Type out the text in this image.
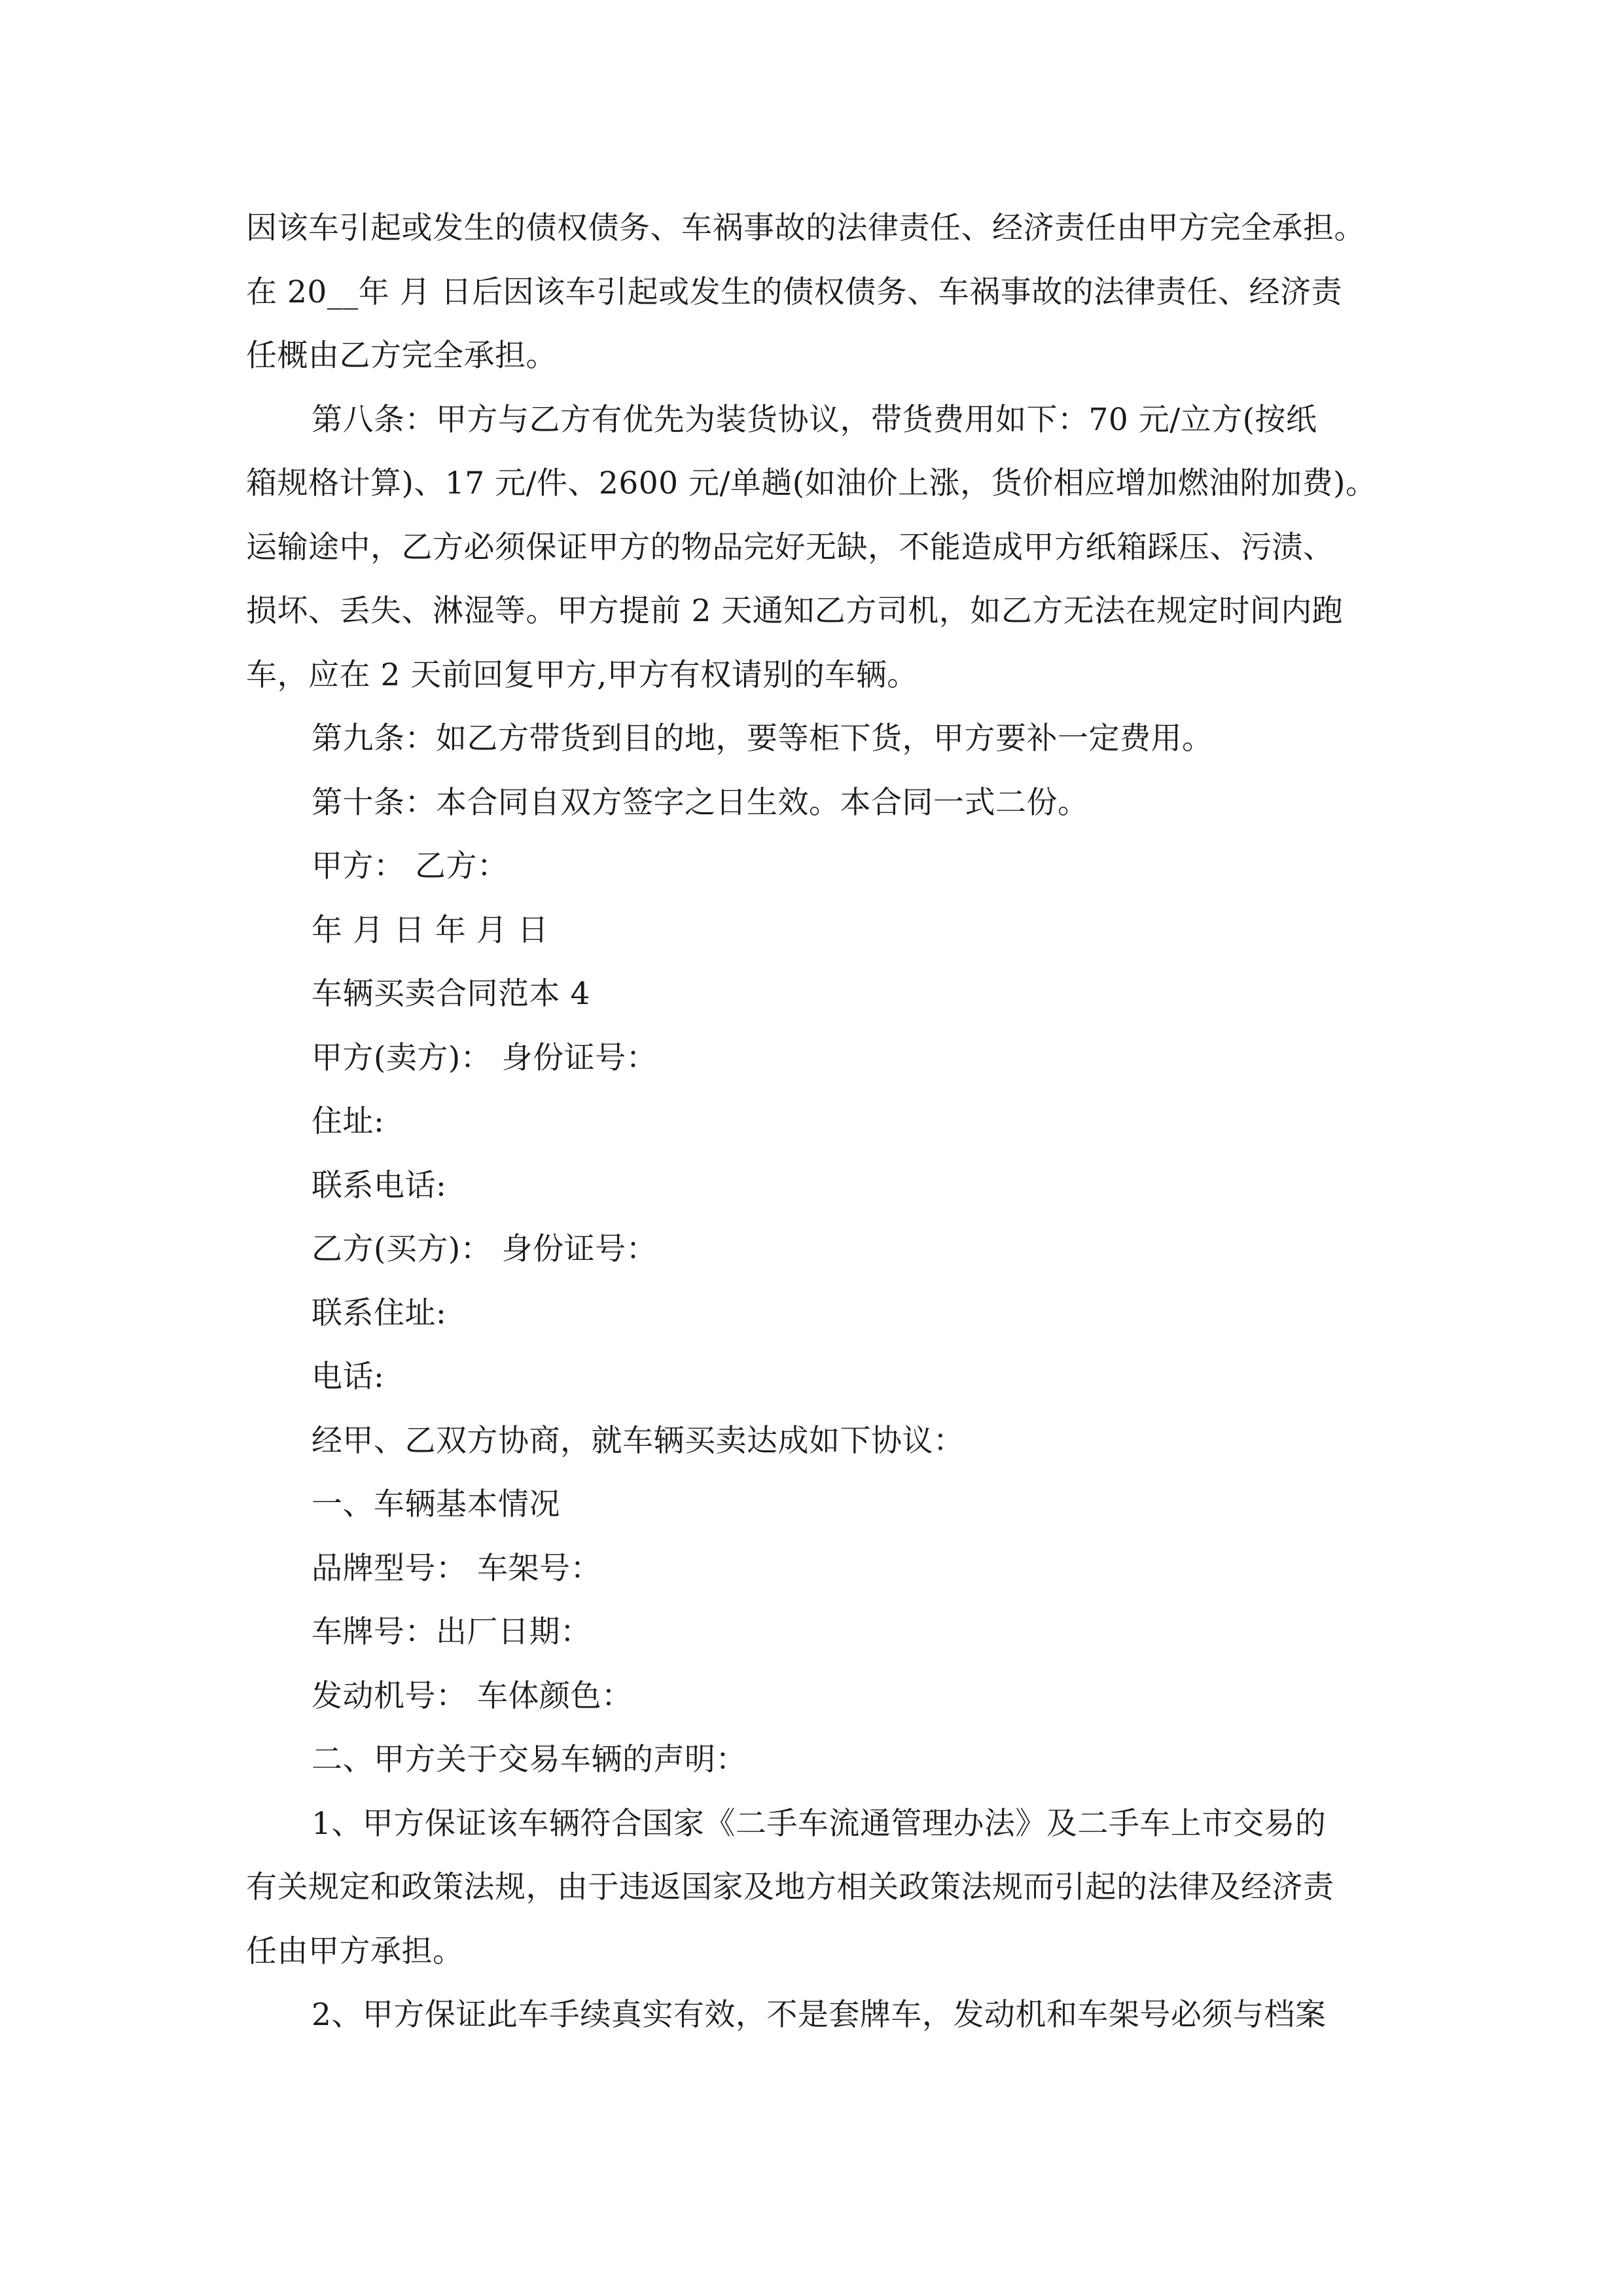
因该车引起或发生的债权债务、车祸事故的法律责任、经济责任由甲方完全承担。
在 20__年 月 日后因该车引起或发生的债权债务、车祸事故的法律责任、经济责
任概由乙方完全承担。
第八条：甲方与乙方有优先为装货协议，带货费用如下：70 元/立方(按纸
箱规格计算)、17 元/件、2600 元/单趟(如油价上涨，货价相应增加燃油附加费)。
运输途中，乙方必须保证甲方的物品完好无缺，不能造成甲方纸箱踩压、污渍、
损坏、丢失、淋湿等。甲方提前 2 天通知乙方司机，如乙方无法在规定时间内跑
车，应在 2 天前回复甲方,甲方有权请别的车辆。
第九条：如乙方带货到目的地，要等柜下货，甲方要补一定费用。
第十条：本合同自双方签字之日生效。本合同一式二份。
甲方： 乙方：
年 月 日 年 月 日
车辆买卖合同范本 4
甲方(卖方)： 身份证号：
住址:
联系电话:
乙方(买方)： 身份证号：
联系住址:
电话:
经甲、乙双方协商，就车辆买卖达成如下协议：
一、车辆基本情况
品牌型号： 车架号：
车牌号：出厂日期：
发动机号： 车体颜色：
二、甲方关于交易车辆的声明：
1、甲方保证该车辆符合国家《二手车流通管理办法》及二手车上市交易的
有关规定和政策法规，由于违返国家及地方相关政策法规而引起的法律及经济责
任由甲方承担。
2、甲方保证此车手续真实有效，不是套牌车，发动机和车架号必须与档案
